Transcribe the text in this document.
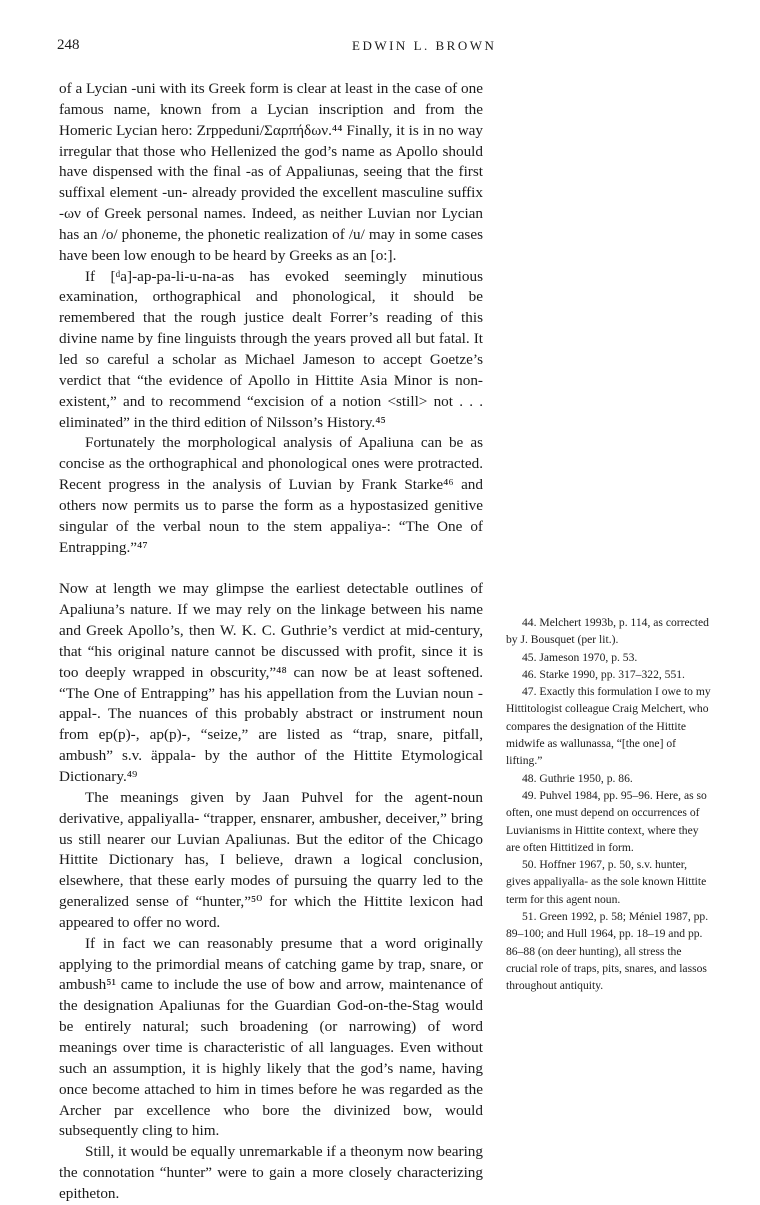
248	EDWIN L. BROWN

of a Lycian -uni with its Greek form is clear at least in the case of one famous name, known from a Lycian inscription and from the Homeric Lycian hero: Zrppeduni/Σαρπήδων.⁴⁴ Finally, it is in no way irregular that those who Hellenized the god’s name as Apollo should have dispensed with the final -as of Appaliunas, seeing that the first suffixal element -un- already provided the excellent masculine suffix -ων of Greek personal names. Indeed, as neither Luvian nor Lycian has an /o/ phoneme, the phonetic realization of /u/ may in some cases have been low enough to be heard by Greeks as an [o:].

If [ᵈa]-ap-pa-li-u-na-as has evoked seemingly minutious examination, orthographical and phonological, it should be remembered that the rough justice dealt Forrer’s reading of this divine name by fine linguists through the years proved all but fatal. It led so careful a scholar as Michael Jameson to accept Goetze’s verdict that “the evidence of Apollo in Hittite Asia Minor is non-existent,” and to recommend “excision of a notion <still> not . . . eliminated” in the third edition of Nilsson’s History.⁴⁵

Fortunately the morphological analysis of Apaliuna can be as concise as the orthographical and phonological ones were protracted. Recent progress in the analysis of Luvian by Frank Starke⁴⁶ and others now permits us to parse the form as a hypostasized genitive singular of the verbal noun to the stem appaliya-: “The One of Entrapping.”⁴⁷

Now at length we may glimpse the earliest detectable outlines of Apaliuna’s nature. If we may rely on the linkage between his name and Greek Apollo’s, then W. K. C. Guthrie’s verdict at mid-century, that “his original nature cannot be discussed with profit, since it is too deeply wrapped in obscurity,”⁴⁸ can now be at least softened. “The One of Entrapping” has his appellation from the Luvian noun -appal-. The nuances of this probably abstract or instrument noun from ep(p)-, ap(p)-, “seize,” are listed as “trap, snare, pitfall, ambush” s.v. äppala- by the author of the Hittite Etymological Dictionary.⁴⁹

The meanings given by Jaan Puhvel for the agent-noun derivative, appaliyalla- “trapper, ensnarer, ambusher, deceiver,” bring us still nearer our Luvian Apaliunas. But the editor of the Chicago Hittite Dictionary has, I believe, drawn a logical conclusion, elsewhere, that these early modes of pursuing the quarry led to the generalized sense of “hunter,”⁵⁰ for which the Hittite lexicon had appeared to offer no word.

If in fact we can reasonably presume that a word originally applying to the primordial means of catching game by trap, snare, or ambush⁵¹ came to include the use of bow and arrow, maintenance of the designation Apaliunas for the Guardian God-on-the-Stag would be entirely natural; such broadening (or narrowing) of word meanings over time is characteristic of all languages. Even without such an assumption, it is highly likely that the god’s name, having once become attached to him in times before he was regarded as the Archer par excellence who bore the divinized bow, would subsequently cling to him.

Still, it would be equally unremarkable if a theonym now bearing the connotation “hunter” were to gain a more closely characterizing epitheton.

44. Melchert 1993b, p. 114, as corrected by J. Bousquet (per lit.).

45. Jameson 1970, p. 53.

46. Starke 1990, pp. 317–322, 551.

47. Exactly this formulation I owe to my Hittitologist colleague Craig Melchert, who compares the designation of the Hittite midwife as wallunassa, “[the one] of lifting.”

48. Guthrie 1950, p. 86.

49. Puhvel 1984, pp. 95–96. Here, as so often, one must depend on occurrences of Luvianisms in Hittite context, where they are often Hittitized in form.

50. Hoffner 1967, p. 50, s.v. hunter, gives appaliyalla- as the sole known Hittite term for this agent noun.

51. Green 1992, p. 58; Méniel 1987, pp. 89–100; and Hull 1964, pp. 18–19 and pp. 86–88 (on deer hunting), all stress the crucial role of traps, pits, snares, and lassos throughout antiquity.
